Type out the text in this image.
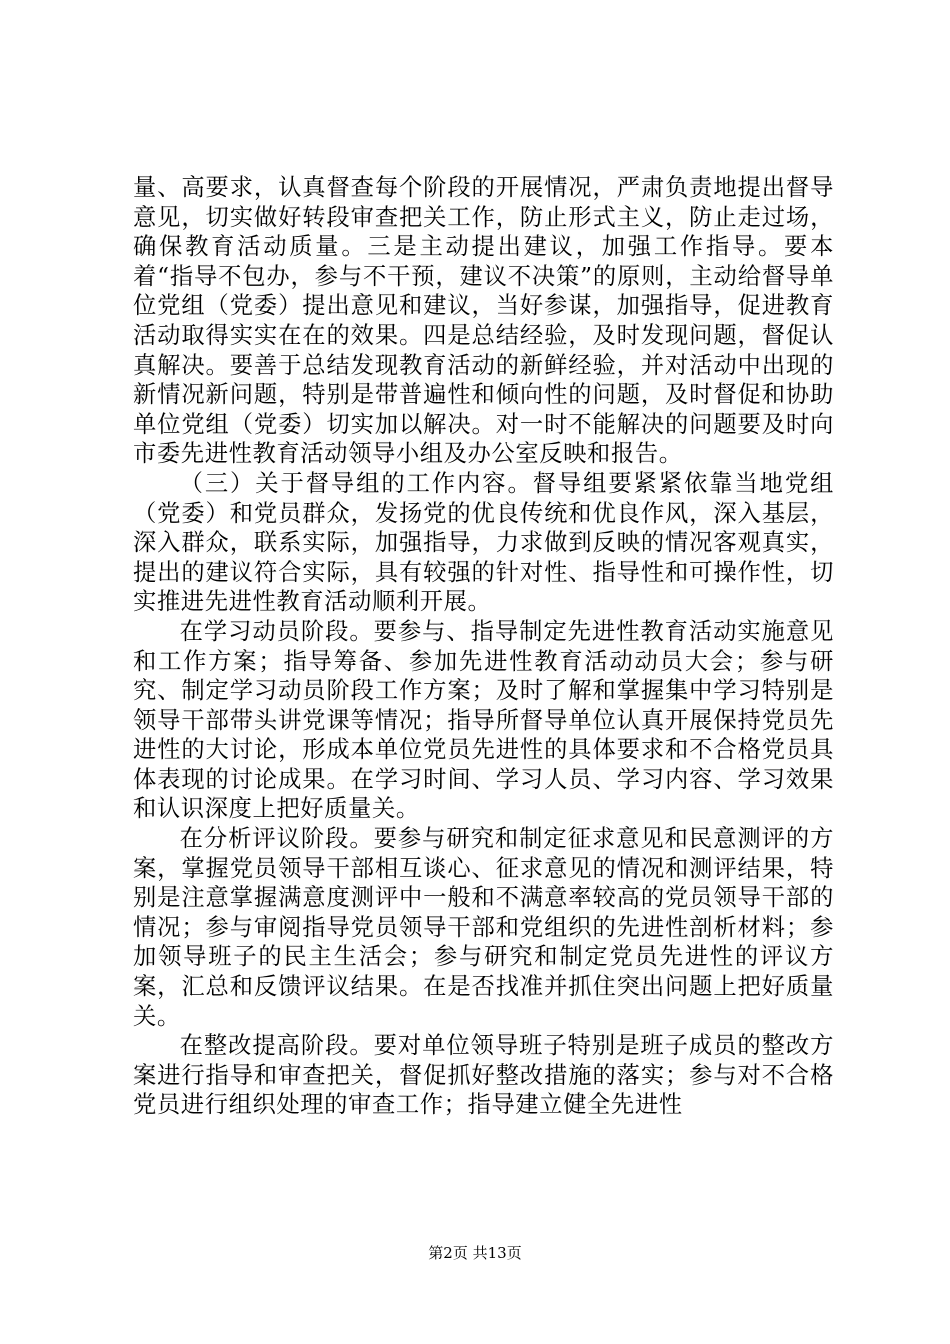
量、高要求，认真督查每个阶段的开展情况，严肃负责地提出督导意见，切实做好转段审查把关工作，防止形式主义，防止走过场，确保教育活动质量。三是主动提出建议，加强工作指导。要本着“指导不包办，参与不干预，建议不决策”的原则，主动给督导单位党组（党委）提出意见和建议，当好参谋，加强指导，促进教育活动取得实实在在的效果。四是总结经验，及时发现问题，督促认真解决。要善于总结发现教育活动的新鲜经验，并对活动中出现的新情况新问题，特别是带普遍性和倾向性的问题，及时督促和协助单位党组（党委）切实加以解决。对一时不能解决的问题要及时向市委先进性教育活动领导小组及办公室反映和报告。

（三）关于督导组的工作内容。督导组要紧紧依靠当地党组（党委）和党员群众，发扬党的优良传统和优良作风，深入基层，深入群众，联系实际，加强指导，力求做到反映的情况客观真实，提出的建议符合实际，具有较强的针对性、指导性和可操作性，切实推进先进性教育活动顺利开展。

在学习动员阶段。要参与、指导制定先进性教育活动实施意见和工作方案；指导筹备、参加先进性教育活动动员大会；参与研究、制定学习动员阶段工作方案；及时了解和掌握集中学习特别是领导干部带头讲党课等情况；指导所督导单位认真开展保持党员先进性的大讨论，形成本单位党员先进性的具体要求和不合格党员具体表现的讨论成果。在学习时间、学习人员、学习内容、学习效果和认识深度上把好质量关。

在分析评议阶段。要参与研究和制定征求意见和民意测评的方案，掌握党员领导干部相互谈心、征求意见的情况和测评结果，特别是注意掌握满意度测评中一般和不满意率较高的党员领导干部的情况；参与审阅指导党员领导干部和党组织的先进性剖析材料；参加领导班子的民主生活会；参与研究和制定党员先进性的评议方案，汇总和反馈评议结果。在是否找准并抓住突出问题上把好质量关。

在整改提高阶段。要对单位领导班子特别是班子成员的整改方案进行指导和审查把关，督促抓好整改措施的落实；参与对不合格党员进行组织处理的审查工作；指导建立健全先进性

第2页 共13页
